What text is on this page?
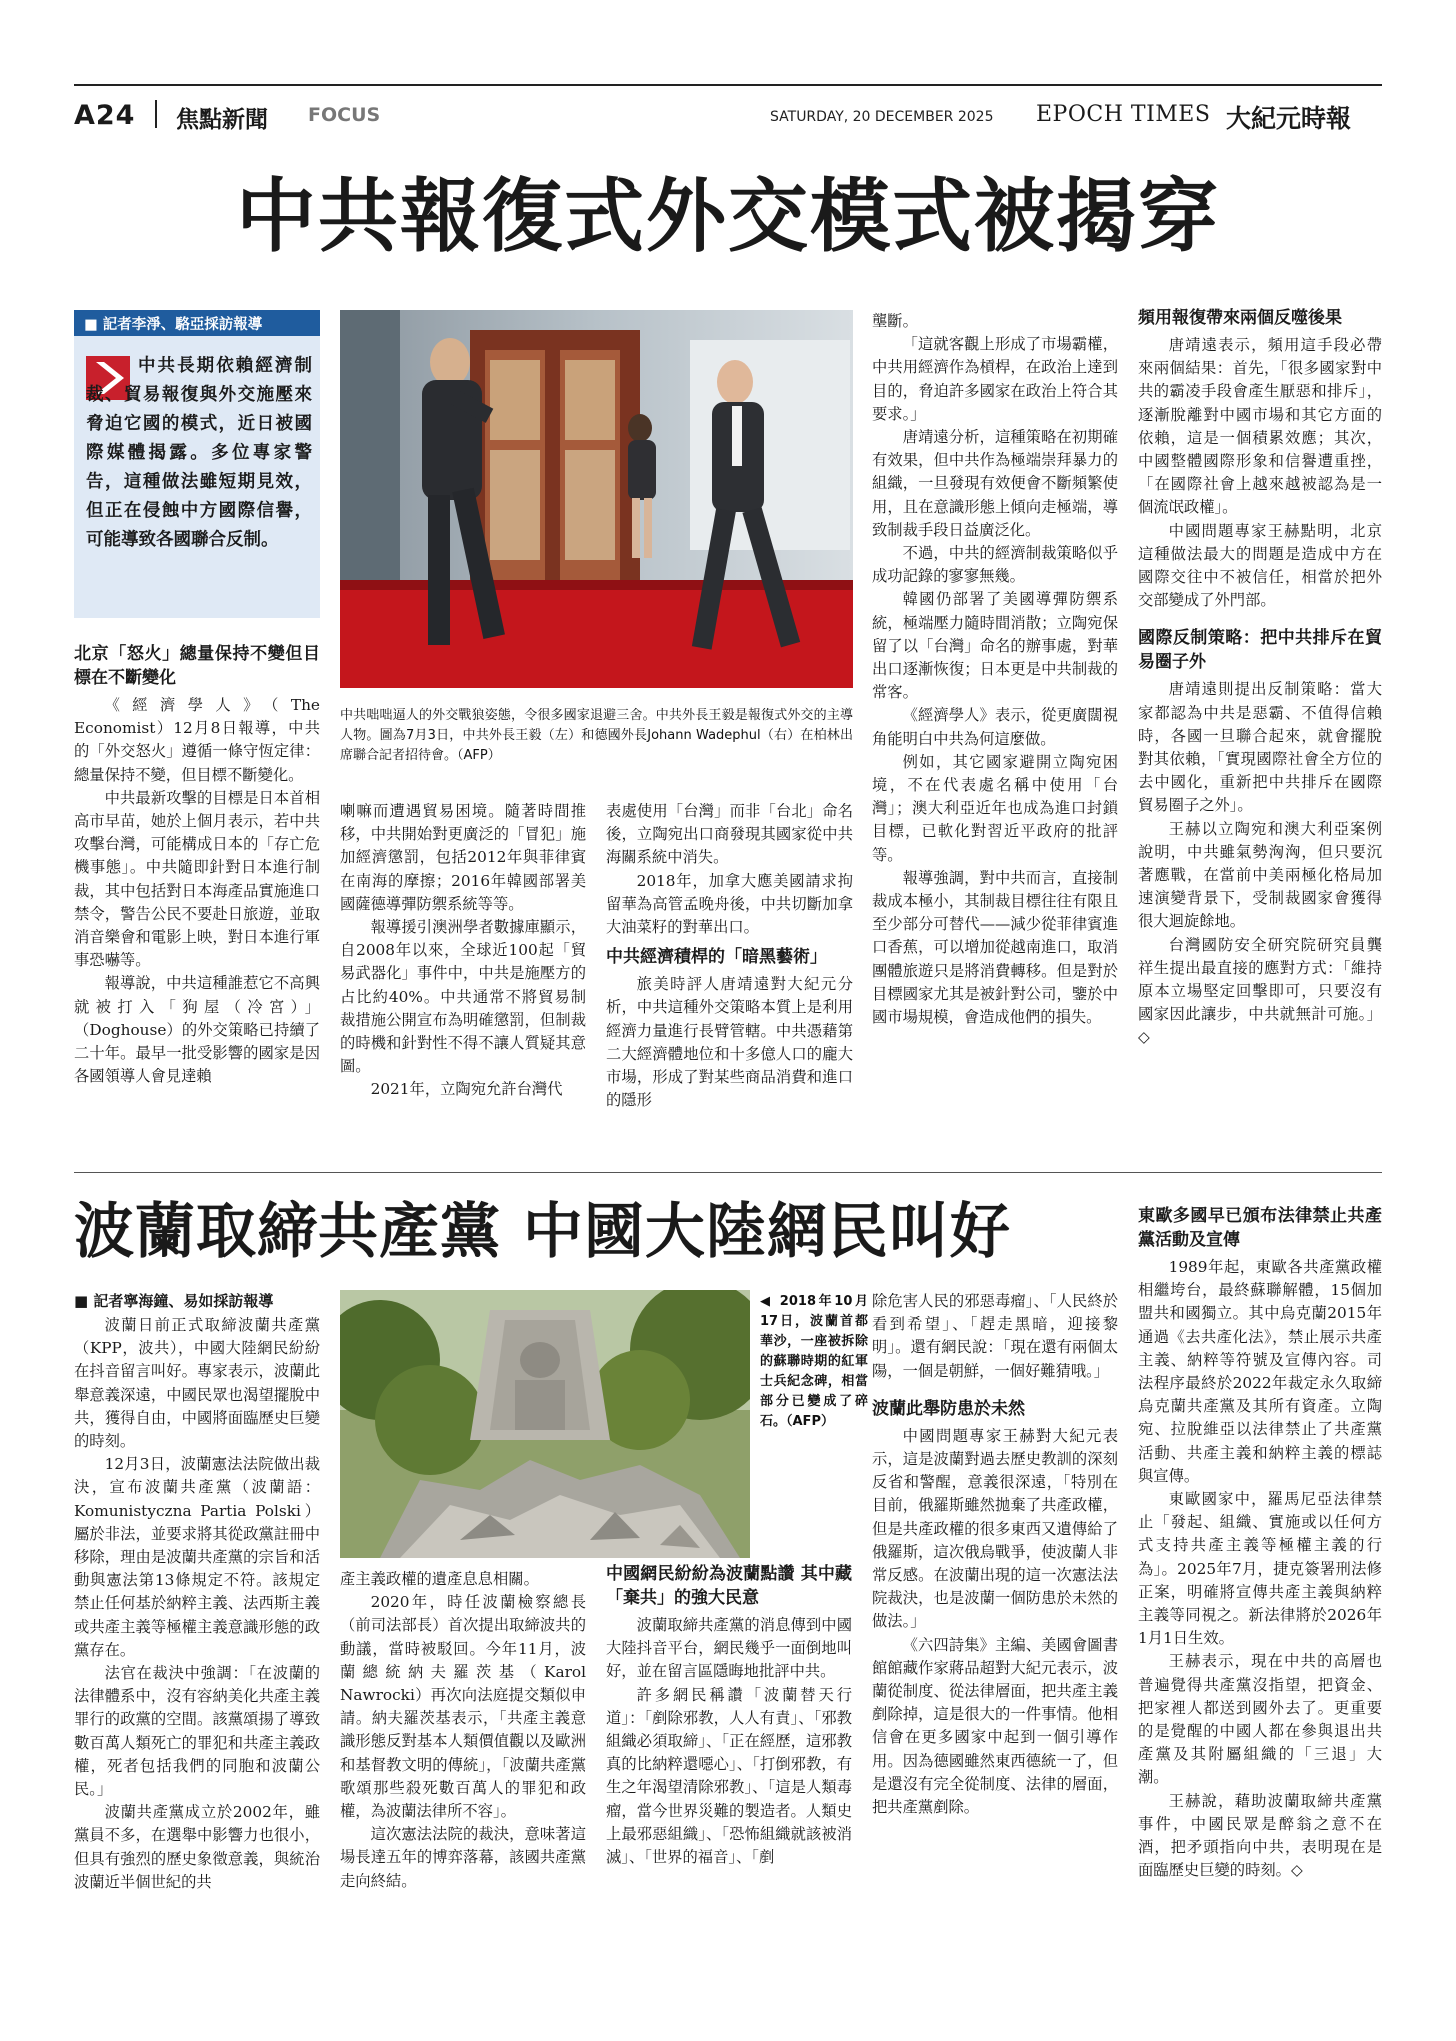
A24 焦點新聞 FOCUS	SATURDAY, 20 DECEMBER 2025 EPOCH TIMES 大紀元時報
中共報復式外交模式被揭穿
■ 記者李淨、駱亞採訪報導
中共長期依賴經濟制裁、貿易報復與外交施壓來脅迫它國的模式，近日被國際媒體揭露。多位專家警告，這種做法雖短期見效，但正在侵蝕中方國際信譽，可能導致各國聯合反制。
中共咄咄逼人的外交戰狼姿態，令很多國家退避三舍。中共外長王毅是報復式外交的主導人物。圖為7月3日，中共外長王毅（左）和德國外長Johann Wadephul（右）在柏林出席聯合記者招待會。（AFP）
北京「怒火」總量保持不變但目標在不斷變化

《經濟學人》（The Economist）12月8日報導，中共的「外交怒火」遵循一條守恆定律：總量保持不變，但目標不斷變化。

中共最新攻擊的目標是日本首相高市早苗，她於上個月表示，若中共攻擊台灣，可能構成日本的「存亡危機事態」。中共隨即針對日本進行制裁，其中包括對日本海產品實施進口禁令，警告公民不要赴日旅遊，並取消音樂會和電影上映，對日本進行軍事恐嚇等。

報導說，中共這種誰惹它不高興就被打入「狗屋（冷宮）」（Doghouse）的外交策略已持續了二十年。最早一批受影響的國家是因各國領導人會見達賴

喇嘛而遭遇貿易困境。隨著時間推移，中共開始對更廣泛的「冒犯」施加經濟懲罰，包括2012年與菲律賓在南海的摩擦；2016年韓國部署美國薩德導彈防禦系統等等。

報導援引澳洲學者數據庫顯示，自2008年以來，全球近100起「貿易武器化」事件中，中共是施壓方的占比約40%。中共通常不將貿易制裁措施公開宣布為明確懲罰，但制裁的時機和針對性不得不讓人質疑其意圖。

2021年，立陶宛允許台灣代

表處使用「台灣」而非「台北」命名後，立陶宛出口商發現其國家從中共海關系統中消失。

2018年，加拿大應美國請求拘留華為高管孟晚舟後，中共切斷加拿大油菜籽的對華出口。

中共經濟積桿的「暗黑藝術」

旅美時評人唐靖遠對大紀元分析，中共這種外交策略本質上是利用經濟力量進行長臂管轄。中共憑藉第二大經濟體地位和十多億人口的龐大市場，形成了對某些商品消費和進口的隱形

壟斷。

「這就客觀上形成了市場霸權，中共用經濟作為槓桿，在政治上達到目的，脅迫許多國家在政治上符合其要求。」

唐靖遠分析，這種策略在初期確有效果，但中共作為極端崇拜暴力的組織，一旦發現有效便會不斷頻繁使用，且在意識形態上傾向走極端，導致制裁手段日益廣泛化。

不過，中共的經濟制裁策略似乎成功記錄的寥寥無幾。

韓國仍部署了美國導彈防禦系統，極端壓力隨時間消散；立陶宛保留了以「台灣」命名的辦事處，對華出口逐漸恢復；日本更是中共制裁的常客。

《經濟學人》表示，從更廣闊視角能明白中共為何這麼做。

例如，其它國家避開立陶宛困境，不在代表處名稱中使用「台灣」；澳大利亞近年也成為進口封鎖目標，已軟化對習近平政府的批評等。

報導強調，對中共而言，直接制裁成本極小，其制裁目標往往有限且至少部分可替代——減少從菲律賓進口香蕉，可以增加從越南進口，取消團體旅遊只是將消費轉移。但是對於目標國家尤其是被針對公司，鑒於中國市場規模，會造成他們的損失。

頻用報復帶來兩個反噬後果

唐靖遠表示，頻用這手段必帶來兩個結果：首先，「很多國家對中共的霸凌手段會產生厭惡和排斥」，逐漸脫離對中國市場和其它方面的依賴，這是一個積累效應；其次，中國整體國際形象和信譽遭重挫，「在國際社會上越來越被認為是一個流氓政權」。

中國問題專家王赫點明，北京這種做法最大的問題是造成中方在國際交往中不被信任，相當於把外交部變成了外門部。

國際反制策略：把中共排斥在貿易圈子外

唐靖遠則提出反制策略：當大家都認為中共是惡霸、不值得信賴時，各國一旦聯合起來，就會擺脫對其依賴，「實現國際社會全方位的去中國化，重新把中共排斥在國際貿易圈子之外」。

王赫以立陶宛和澳大利亞案例說明，中共雖氣勢洶洶，但只要沉著應戰，在當前中美兩極化格局加速演變背景下，受制裁國家會獲得很大迴旋餘地。

台灣國防安全研究院研究員龔祥生提出最直接的應對方式：「維持原本立場堅定回擊即可，只要沒有國家因此讓步，中共就無計可施。」◇

波蘭取締共產黨 中國大陸網民叫好
■ 記者寧海鐘、易如採訪報導	◀ 2018年10月17日，波蘭首都華沙，一座被拆除的蘇聯時期的紅軍士兵紀念碑，相當部分已變成了碎石。（AFP）

波蘭日前正式取締波蘭共產黨（KPP，波共），中國大陸網民紛紛在抖音留言叫好。專家表示，波蘭此舉意義深遠，中國民眾也渴望擺脫中共，獲得自由，中國將面臨歷史巨變的時刻。

12月3日，波蘭憲法法院做出裁決，宣布波蘭共產黨（波蘭語：Komunistyczna Partia Polski）屬於非法，並要求將其從政黨註冊中移除，理由是波蘭共產黨的宗旨和活動與憲法第13條規定不符。該規定禁止任何基於納粹主義、法西斯主義或共產主義等極權主義意識形態的政黨存在。

法官在裁決中強調：「在波蘭的法律體系中，沒有容納美化共產主義罪行的政黨的空間。該黨頌揚了導致數百萬人類死亡的罪犯和共產主義政權，死者包括我們的同胞和波蘭公民。」

波蘭共產黨成立於2002年，雖黨員不多，在選舉中影響力也很小，但具有強烈的歷史象徵意義，與統治波蘭近半個世紀的共

產主義政權的遺產息息相關。

2020年，時任波蘭檢察總長（前司法部長）首次提出取締波共的動議，當時被駁回。今年11月，波蘭總統納夫羅茨基（Karol Nawrocki）再次向法庭提交類似申請。納夫羅茨基表示，「共產主義意識形態反對基本人類價值觀以及歐洲和基督教文明的傳統」，「波蘭共產黨歌頌那些殺死數百萬人的罪犯和政權，為波蘭法律所不容」。

這次憲法法院的裁決，意味著這場長達五年的博弈落幕，該國共產黨走向終結。

中國網民紛紛為波蘭點讚 其中藏「棄共」的強大民意

波蘭取締共產黨的消息傳到中國大陸抖音平台，網民幾乎一面倒地叫好，並在留言區隱晦地批評中共。

許多網民稱讚「波蘭替天行道」：「剷除邪教，人人有責」、「邪教組織必須取締」、「正在經歷，這邪教真的比納粹還噁心」、「打倒邪教，有生之年渴望清除邪教」、「這是人類毒瘤，當今世界災難的製造者。人類史上最邪惡組織」、「恐怖組織就該被消滅」、「世界的福音」、「剷

除危害人民的邪惡毒瘤」、「人民終於看到希望」、「趕走黑暗，迎接黎明」。還有網民說：「現在還有兩個太陽，一個是朝鮮，一個好難猜哦。」

波蘭此舉防患於未然

中國問題專家王赫對大紀元表示，這是波蘭對過去歷史教訓的深刻反省和警醒，意義很深遠，「特別在目前，俄羅斯雖然拋棄了共產政權，但是共產政權的很多東西又遺傳給了俄羅斯，這次俄烏戰爭，使波蘭人非常反感。在波蘭出現的這一次憲法法院裁決，也是波蘭一個防患於未然的做法。」

《六四詩集》主編、美國會圖書館館藏作家蔣品超對大紀元表示，波蘭從制度、從法律層面，把共產主義剷除掉，這是很大的一件事情。他相信會在更多國家中起到一個引導作用。因為德國雖然東西德統一了，但是還沒有完全從制度、法律的層面，把共產黨剷除。

東歐多國早已頒布法律禁止共產黨活動及宣傳

1989年起，東歐各共產黨政權相繼垮台，最終蘇聯解體，15個加盟共和國獨立。其中烏克蘭2015年通過《去共產化法》，禁止展示共產主義、納粹等符號及宣傳內容。司法程序最終於2022年裁定永久取締烏克蘭共產黨及其所有資產。立陶宛、拉脫維亞以法律禁止了共產黨活動、共產主義和納粹主義的標誌與宣傳。

東歐國家中，羅馬尼亞法律禁止「發起、組織、實施或以任何方式支持共產主義等極權主義的行為」。2025年7月，捷克簽署刑法修正案，明確將宣傳共產主義與納粹主義等同視之。新法律將於2026年1月1日生效。

王赫表示，現在中共的高層也普遍覺得共產黨沒指望，把資金、把家裡人都送到國外去了。更重要的是覺醒的中國人都在參與退出共產黨及其附屬組織的「三退」大潮。

王赫說，藉助波蘭取締共產黨事件，中國民眾是醉翁之意不在酒，把矛頭指向中共，表明現在是面臨歷史巨變的時刻。◇
